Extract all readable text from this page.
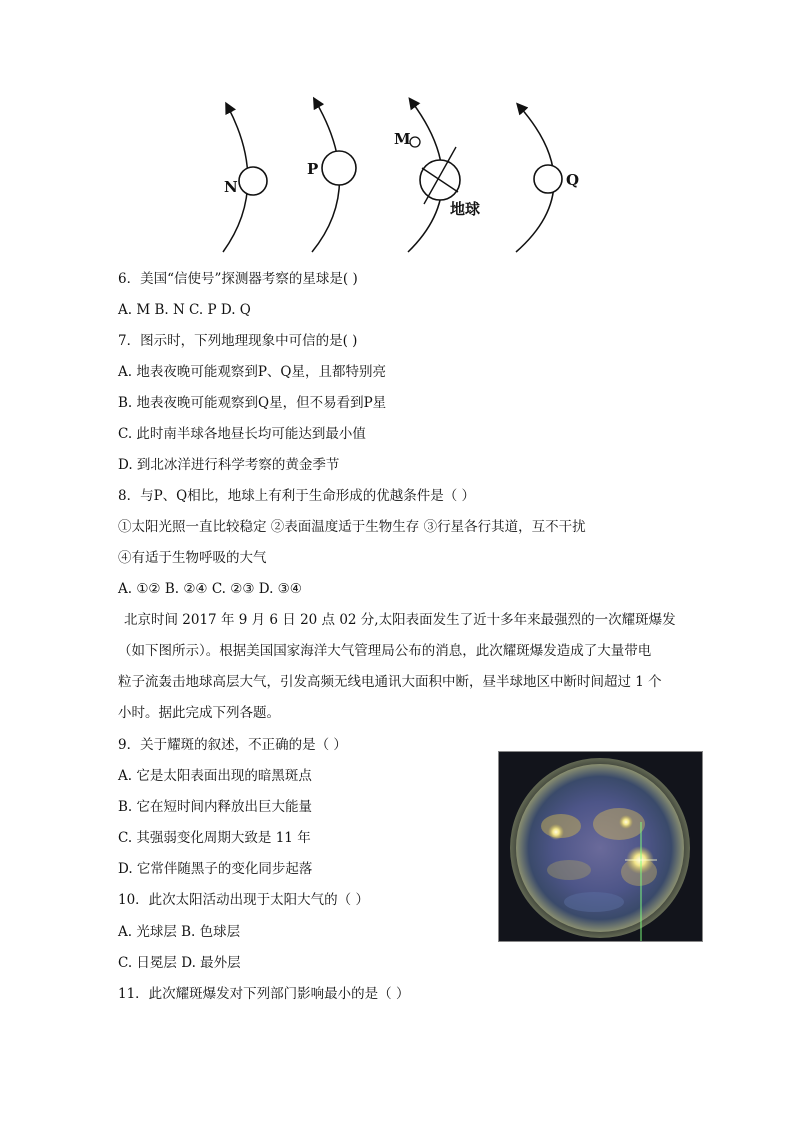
N
P
M
地球
Q
6．美国“信使号”探测器考察的星球是( )
A. M B. N C. P D. Q
7．图示时，下列地理现象中可信的是( )
A. 地表夜晚可能观察到P、Q星，且都特别亮
B. 地表夜晚可能观察到Q星，但不易看到P星
C. 此时南半球各地昼长均可能达到最小值
D. 到北冰洋进行科学考察的黄金季节
8．与P、Q相比，地球上有利于生命形成的优越条件是（ ）
①太阳光照一直比较稳定 ②表面温度适于生物生存 ③行星各行其道，互不干扰
④有适于生物呼吸的大气
A. ①② B. ②④ C. ②③ D. ③④
北京时间 2017 年 9 月 6 日 20 点 02 分,太阳表面发生了近十多年来最强烈的一次耀斑爆发
（如下图所示）。根据美国国家海洋大气管理局公布的消息，此次耀斑爆发造成了大量带电
粒子流轰击地球高层大气，引发高频无线电通讯大面积中断，昼半球地区中断时间超过 1 个
小时。据此完成下列各题。
9．关于耀斑的叙述，不正确的是（ ）
A. 它是太阳表面出现的暗黑斑点
B. 它在短时间内释放出巨大能量
C. 其强弱变化周期大致是 11 年
D. 它常伴随黑子的变化同步起落
10．此次太阳活动出现于太阳大气的（ ）
A. 光球层 B. 色球层
C. 日冕层 D. 最外层
11．此次耀斑爆发对下列部门影响最小的是（ ）
